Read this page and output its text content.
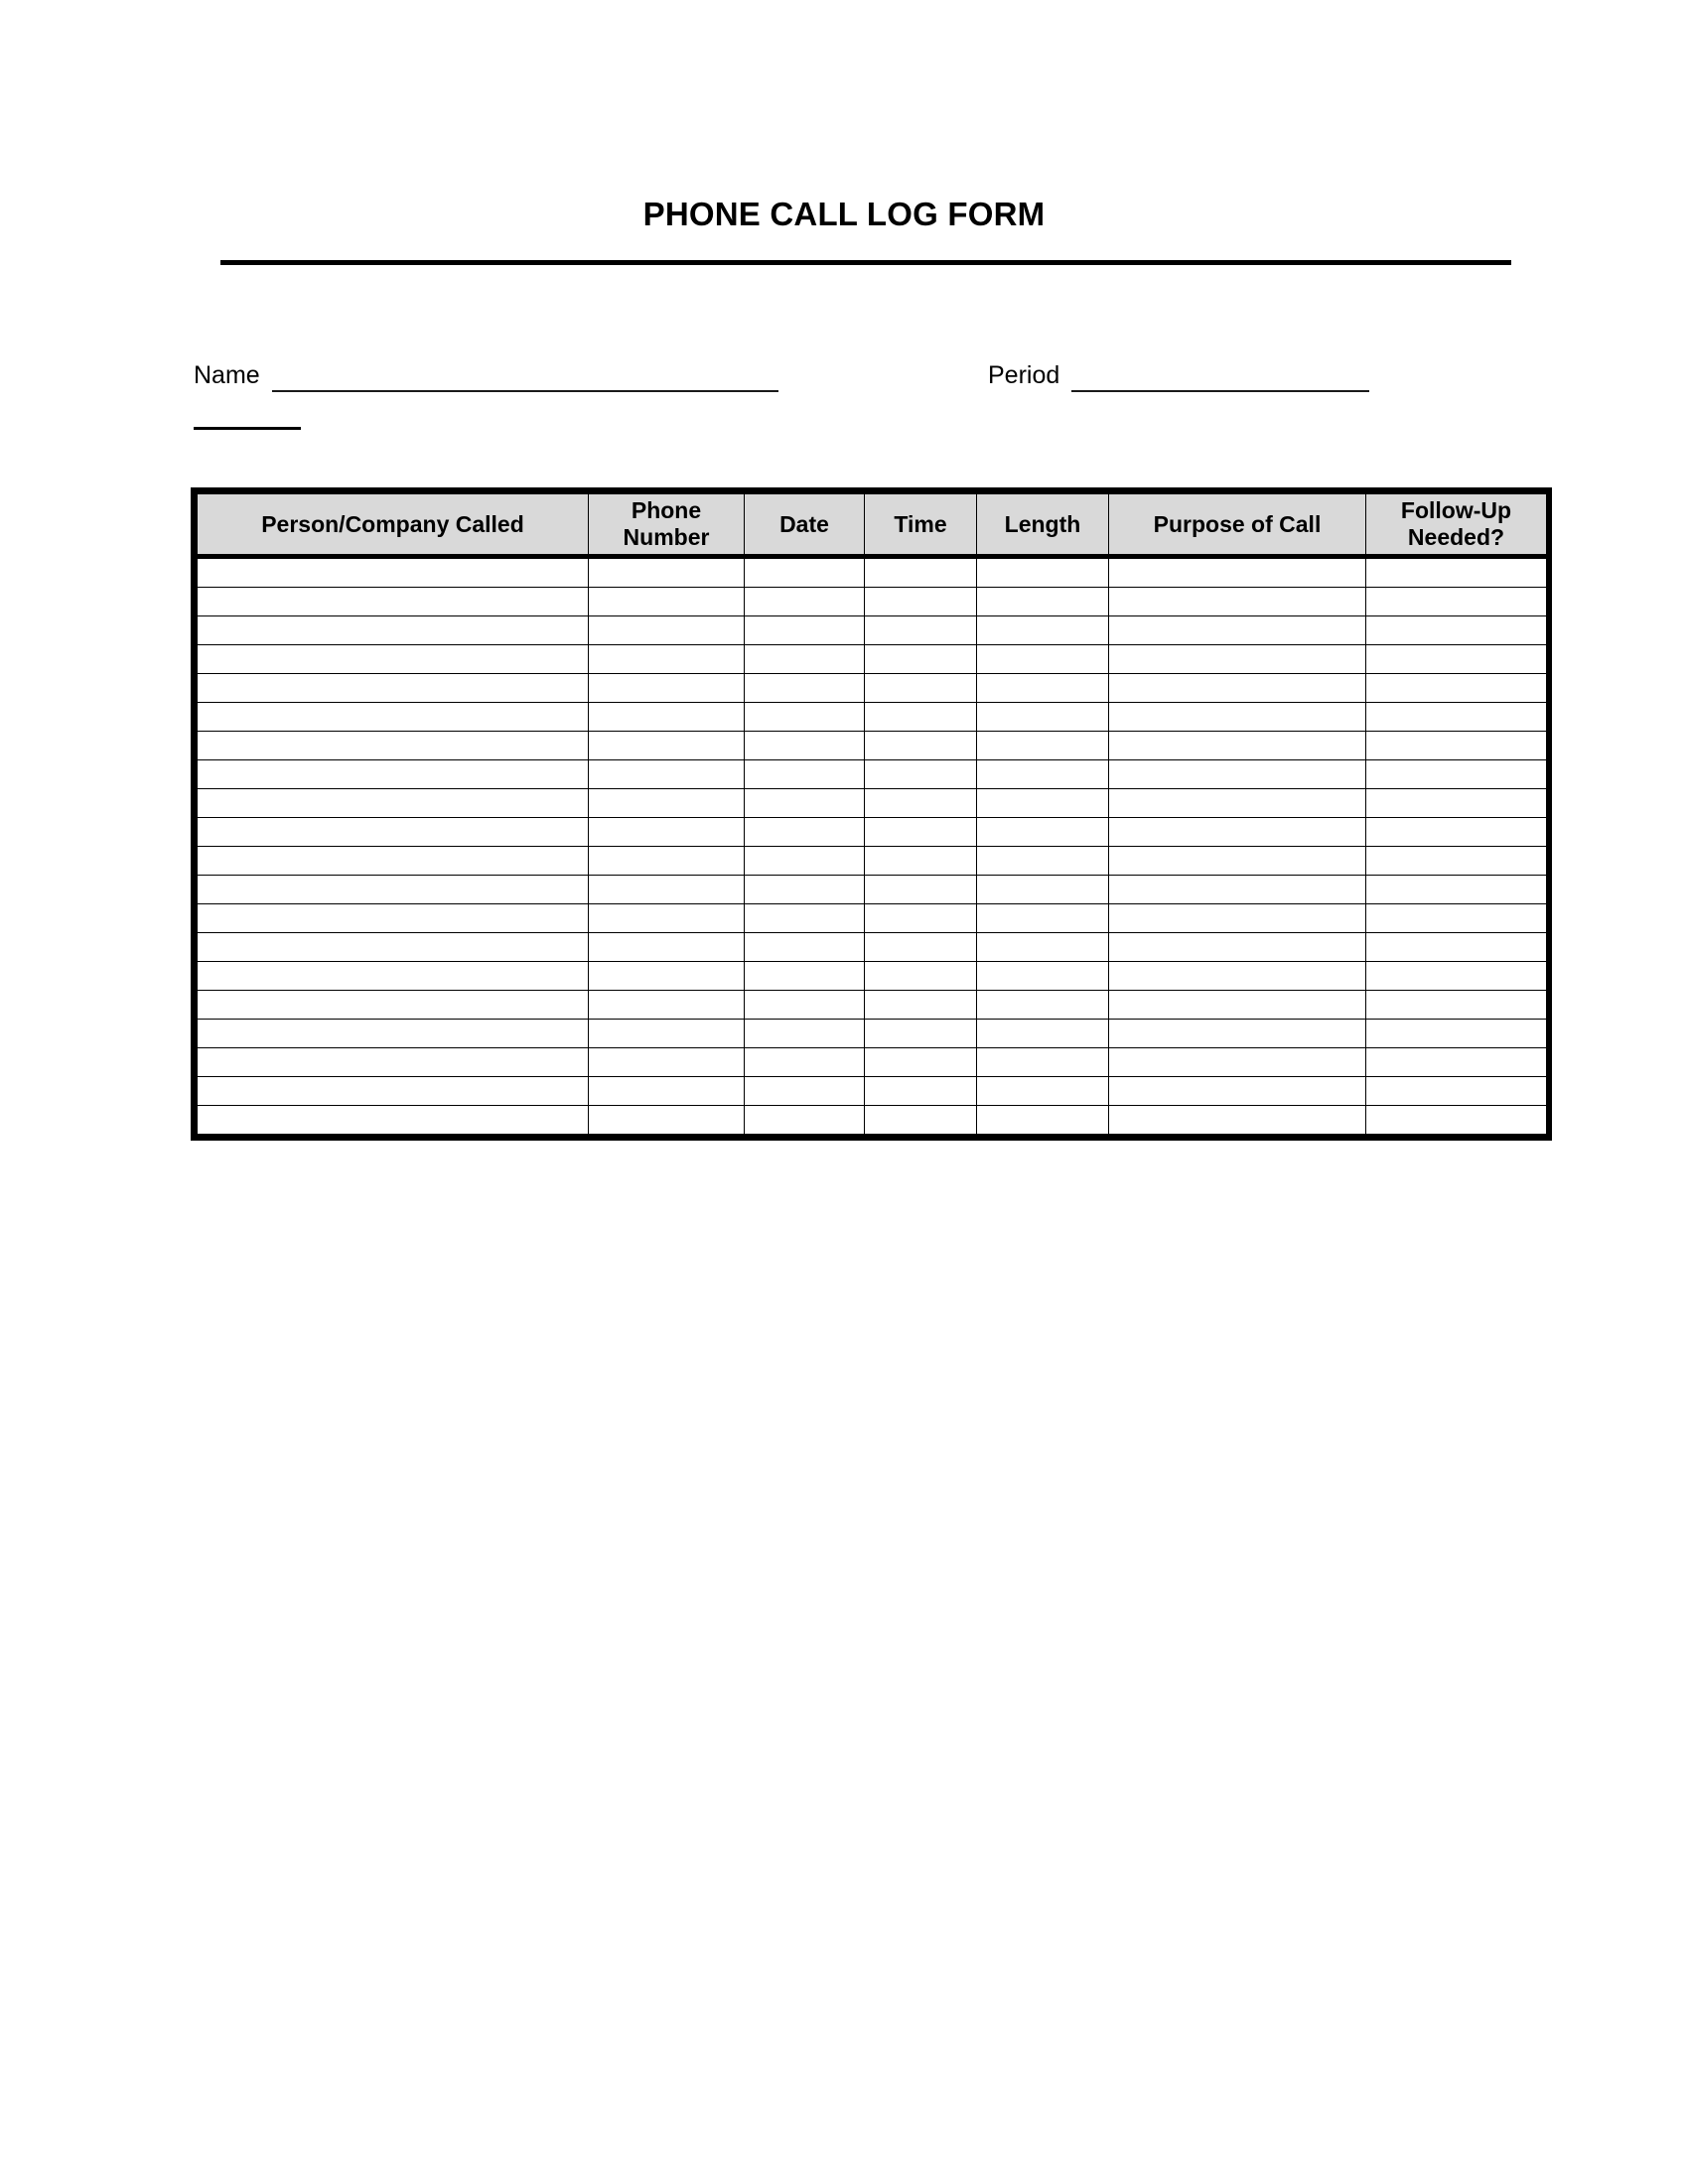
PHONE CALL LOG FORM
Name	Period
Person/Company Called	Phone Number	Date	Time	Length	Purpose of Call	Follow-Up Needed?
